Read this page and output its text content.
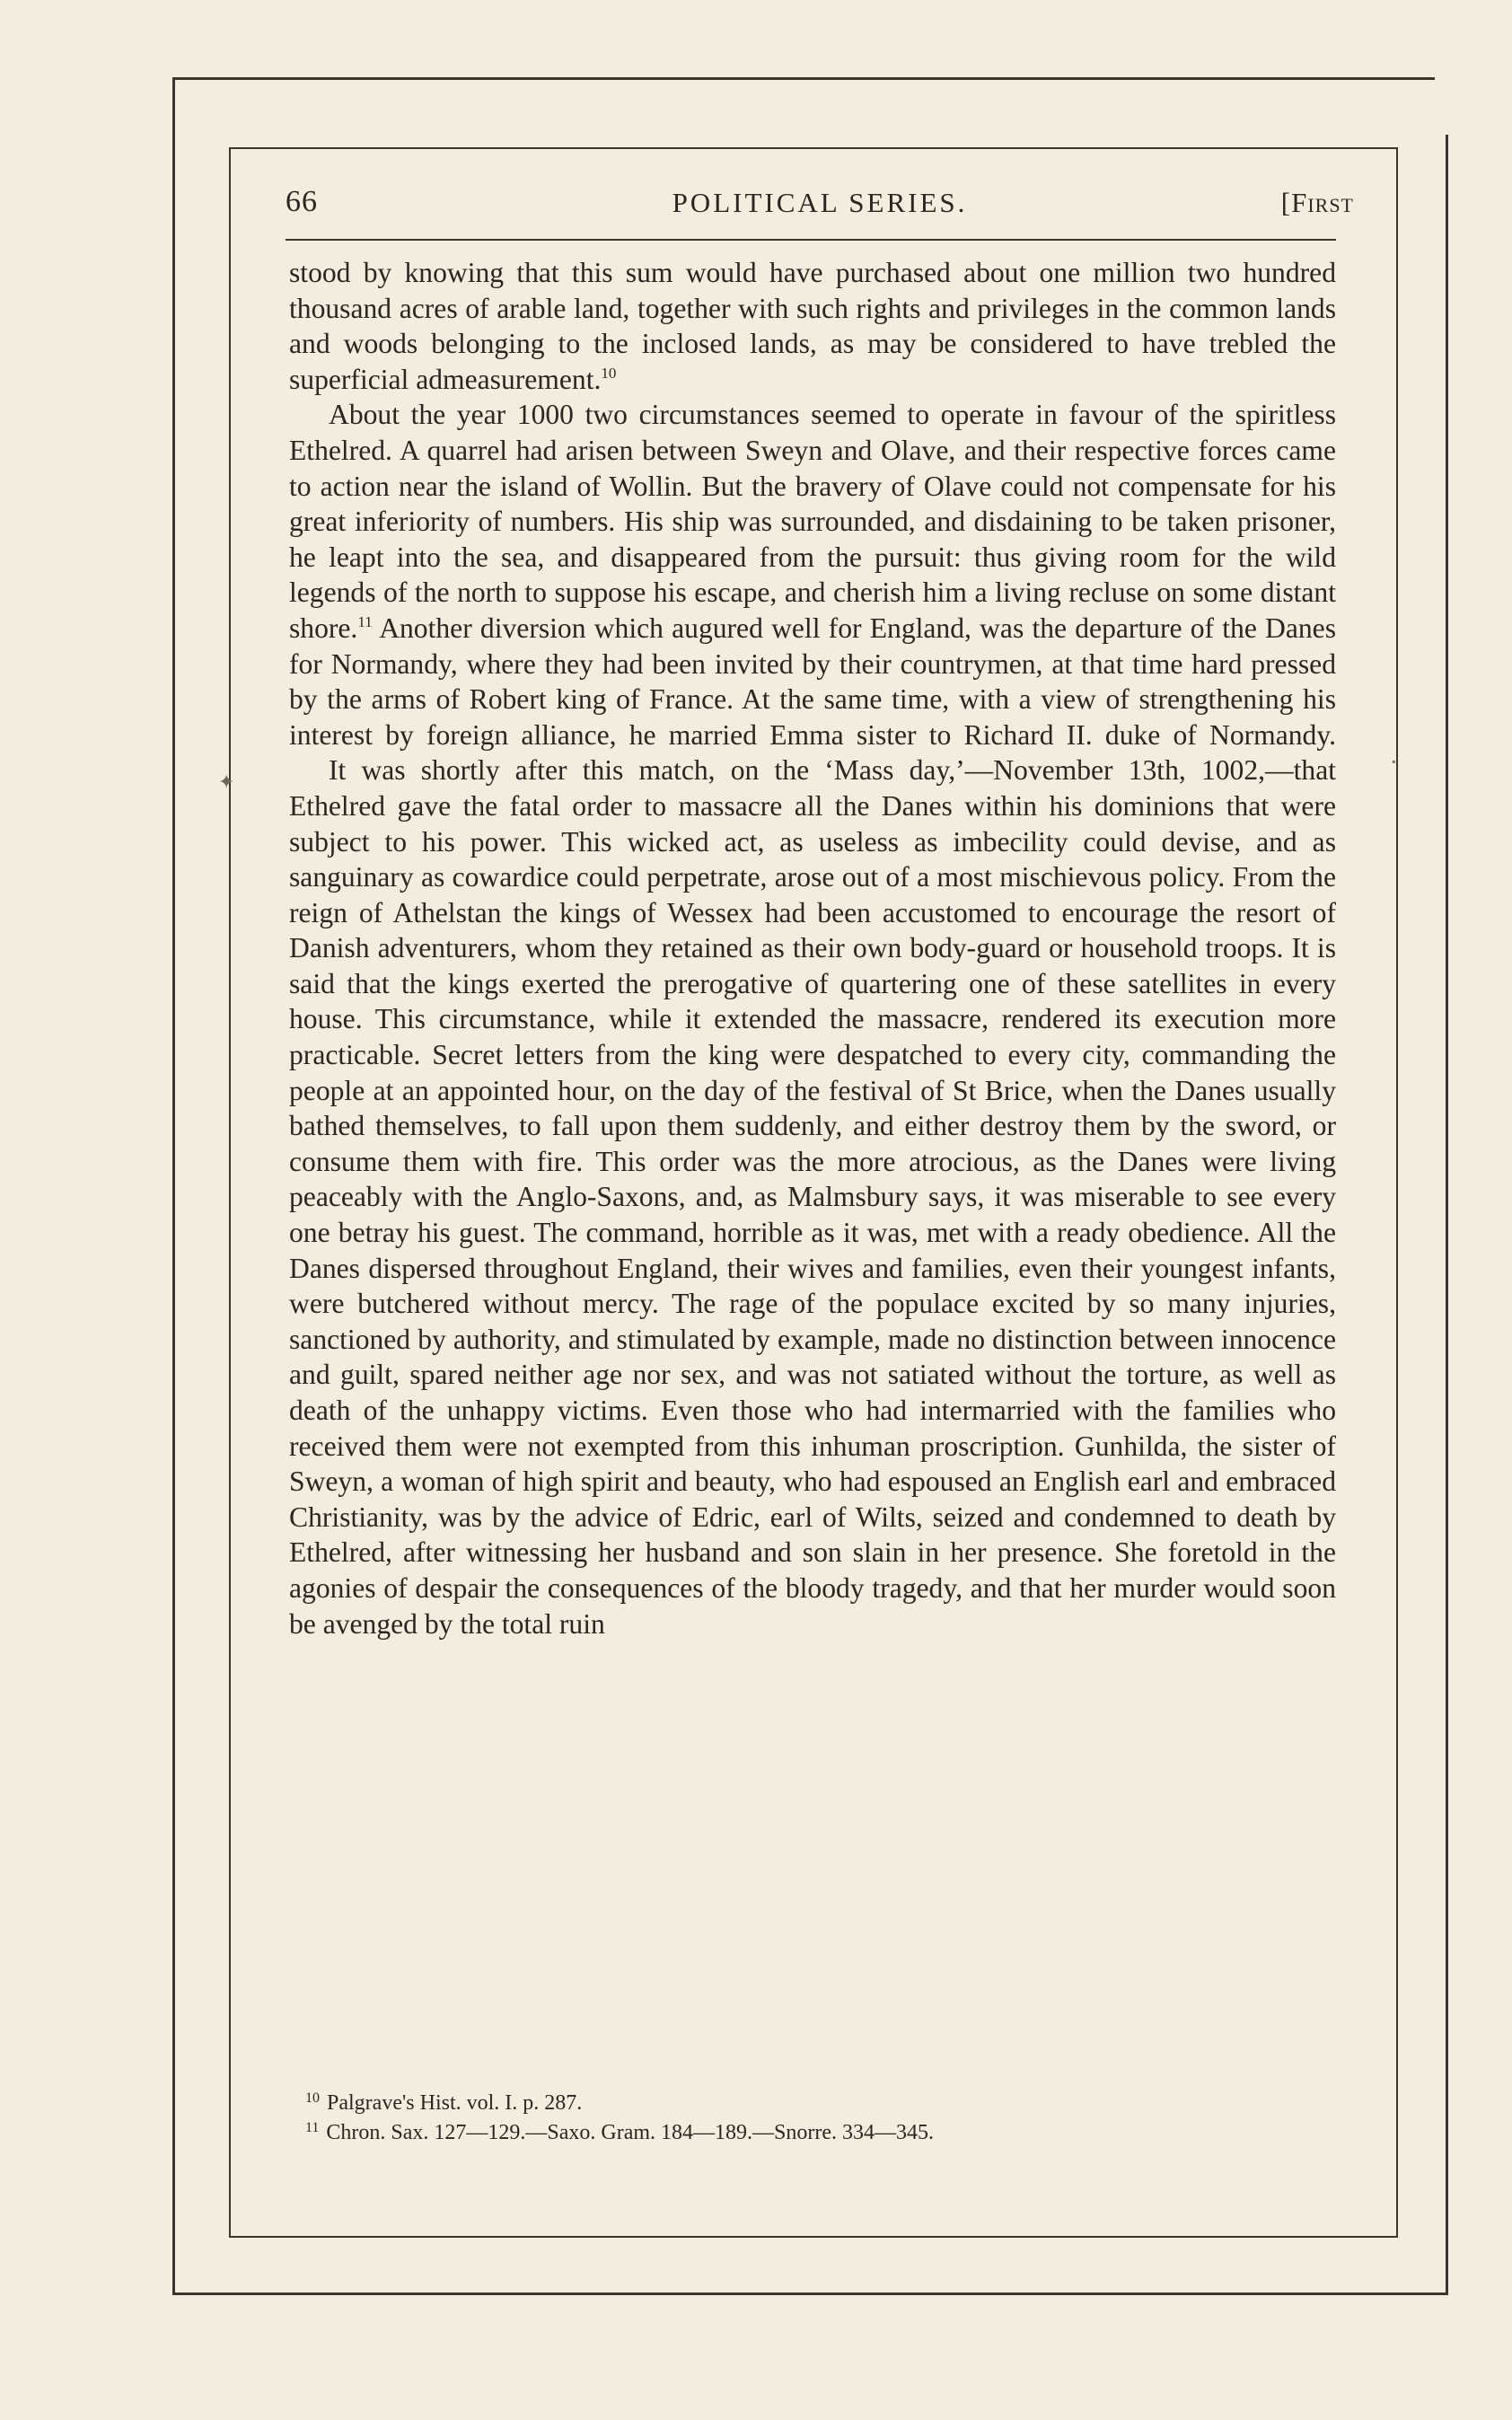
66	POLITICAL SERIES.	[First
✦
·

stood by knowing that this sum would have purchased about one million two hundred thousand acres of arable land, together with such rights and privileges in the common lands and woods belonging to the inclosed lands, as may be considered to have trebled the superficial admeasurement.$^{10}$

About the year 1000 two circumstances seemed to operate in favour of the spiritless Ethelred. A quarrel had arisen between Sweyn and Olave, and their respective forces came to action near the island of Wollin. But the bravery of Olave could not compensate for his great inferiority of numbers. His ship was surrounded, and disdaining to be taken prisoner, he leapt into the sea, and disappeared from the pursuit: thus giving room for the wild legends of the north to suppose his escape, and cherish him a living recluse on some distant shore.$^{11}$ Another diversion which augured well for England, was the departure of the Danes for Normandy, where they had been invited by their countrymen, at that time hard pressed by the arms of Robert king of France. At the same time, with a view of strengthening his interest by foreign alliance, he married Emma sister to Richard II. duke of Normandy.

It was shortly after this match, on the ‘Mass day,’—November 13th, 1002,—that Ethelred gave the fatal order to massacre all the Danes within his dominions that were subject to his power. This wicked act, as useless as imbecility could devise, and as sanguinary as cowardice could perpetrate, arose out of a most mischievous policy. From the reign of Athelstan the kings of Wessex had been accustomed to encourage the resort of Danish adventurers, whom they retained as their own body-guard or household troops. It is said that the kings exerted the prerogative of quartering one of these satellites in every house. This circumstance, while it extended the massacre, rendered its execution more practicable. Secret letters from the king were despatched to every city, commanding the people at an appointed hour, on the day of the festival of St Brice, when the Danes usually bathed themselves, to fall upon them suddenly, and either destroy them by the sword, or consume them with fire. This order was the more atrocious, as the Danes were living peaceably with the Anglo-Saxons, and, as Malmsbury says, it was miserable to see every one betray his guest. The command, horrible as it was, met with a ready obedience. All the Danes dispersed throughout England, their wives and families, even their youngest infants, were butchered without mercy. The rage of the populace excited by so many injuries, sanctioned by authority, and stimulated by example, made no distinction between innocence and guilt, spared neither age nor sex, and was not satiated without the torture, as well as death of the unhappy victims. Even those who had intermarried with the families who received them were not exempted from this inhuman proscription. Gunhilda, the sister of Sweyn, a woman of high spirit and beauty, who had espoused an English earl and embraced Christianity, was by the advice of Edric, earl of Wilts, seized and condemned to death by Ethelred, after witnessing her husband and son slain in her presence. She foretold in the agonies of despair the consequences of the bloody tragedy, and that her murder would soon be avenged by the total ruin

$^{10}$ Palgrave's Hist. vol. I. p. 287.

$^{11}$ Chron. Sax. 127—129.—Saxo. Gram. 184—189.—Snorre. 334—345.
